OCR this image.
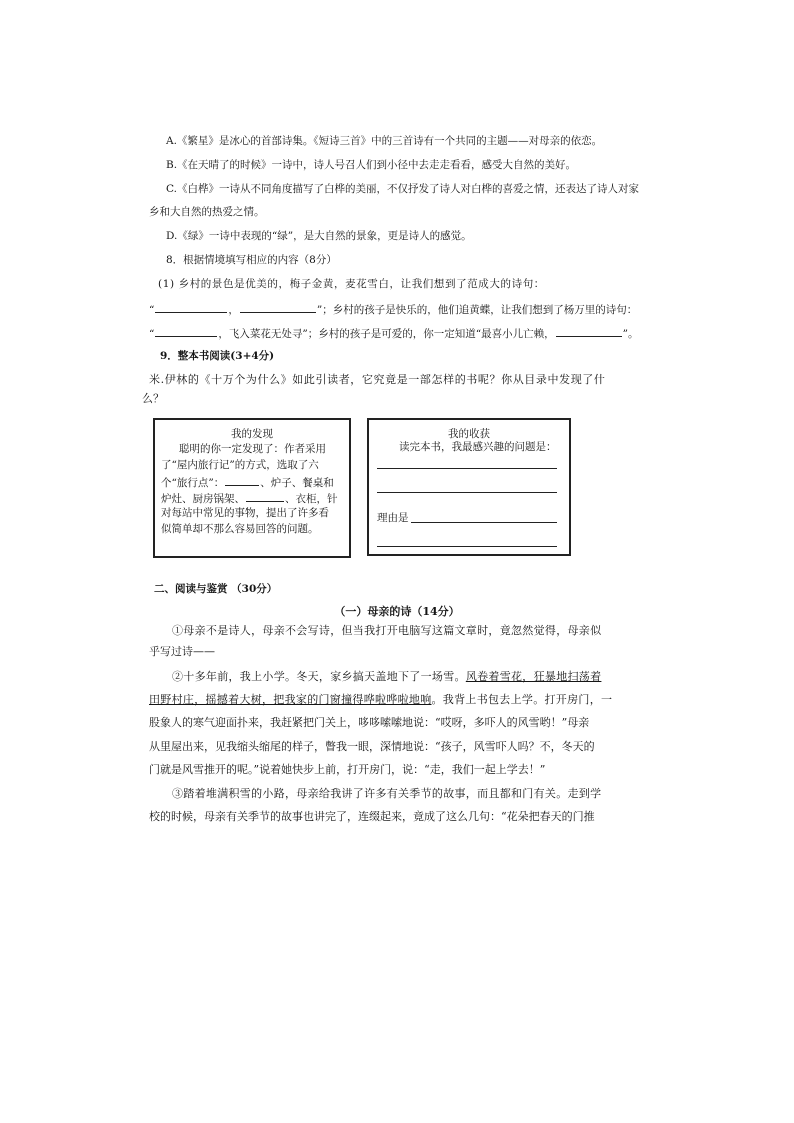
A.《繁星》是冰心的首部诗集。《短诗三首》中的三首诗有一个共同的主题——对母亲的依恋。
B.《在天晴了的时候》一诗中，诗人号召人们到小径中去走走看看，感受大自然的美好。
C.《白桦》一诗从不同角度描写了白桦的美丽，不仅抒发了诗人对白桦的喜爱之情，还表达了诗人对家
乡和大自然的热爱之情。
D.《绿》一诗中表现的“绿”，是大自然的景象，更是诗人的感觉。
8．根据情境填写相应的内容（8分）
(1) 乡村的景色是优美的，梅子金黄，麦花雪白，让我们想到了范成大的诗句：
“	，	”；乡村的孩子是快乐的，他们追黄蝶，让我们想到了杨万里的诗句：
“	，飞入菜花无处寻”；乡村的孩子是可爱的，你一定知道“最喜小儿亡赖，	”。
9．整本书阅读(3+4分)
米.伊林的《十万个为什么》如此引读者，它究竟是一部怎样的书呢？你从目录中发现了什
么？
我的发现
聪明的你一定发现了：作者采用
了“屋内旅行记”的方式，选取了六
个“旅行点”：	、炉子、餐桌和
炉灶、厨房锅架、	、衣柜，针
对每站中常见的事物，提出了许多看
似简单却不那么容易回答的问题。
我的收获
读完本书，我最感兴趣的问题是：
理由是
二、阅读与鉴赏 （30分）
（一）母亲的诗（14分）
①母亲不是诗人，母亲不会写诗，但当我打开电脑写这篇文章时，竟忽然觉得，母亲似
乎写过诗——
②十多年前，我上小学。冬天，家乡搞天盖地下了一场雪。风卷着雪花，狂暴地扫荡着
田野村庄，摇撼着大树，把我家的门窗撞得哗啦哗啦地响。我背上书包去上学。打开房门，一
股象人的寒气迎面扑来，我赶紧把门关上，哆哆嗦嗦地说：“哎呀，多吓人的风雪哟！”母亲
从里屋出来，见我缩头缩尾的样子，瞥我一眼，深情地说：“孩子，风雪吓人吗？不，冬天的
门就是风雪推开的呢。”说着她快步上前，打开房门，说：“走，我们一起上学去！”
③踏着堆满积雪的小路，母亲给我讲了许多有关季节的故事，而且都和门有关。走到学
校的时候，母亲有关季节的故事也讲完了，连缀起来，竟成了这么几句：“花朵把春天的门推
